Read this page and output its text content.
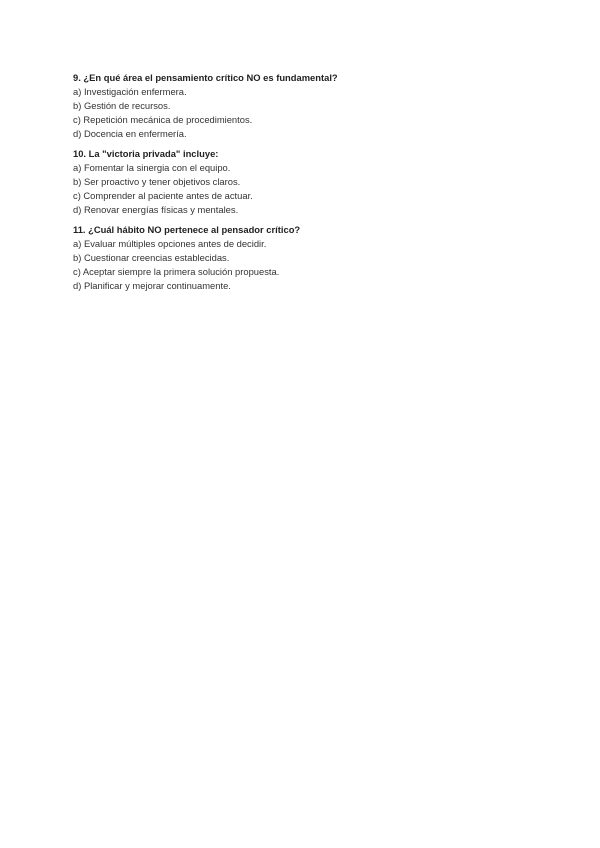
9. ¿En qué área el pensamiento crítico NO es fundamental?
a) Investigación enfermera.
b) Gestión de recursos.
c) Repetición mecánica de procedimientos.
d) Docencia en enfermería.
10. La "victoria privada" incluye:
a) Fomentar la sinergia con el equipo.
b) Ser proactivo y tener objetivos claros.
c) Comprender al paciente antes de actuar.
d) Renovar energías físicas y mentales.
11. ¿Cuál hábito NO pertenece al pensador crítico?
a) Evaluar múltiples opciones antes de decidir.
b) Cuestionar creencias establecidas.
c) Aceptar siempre la primera solución propuesta.
d) Planificar y mejorar continuamente.
